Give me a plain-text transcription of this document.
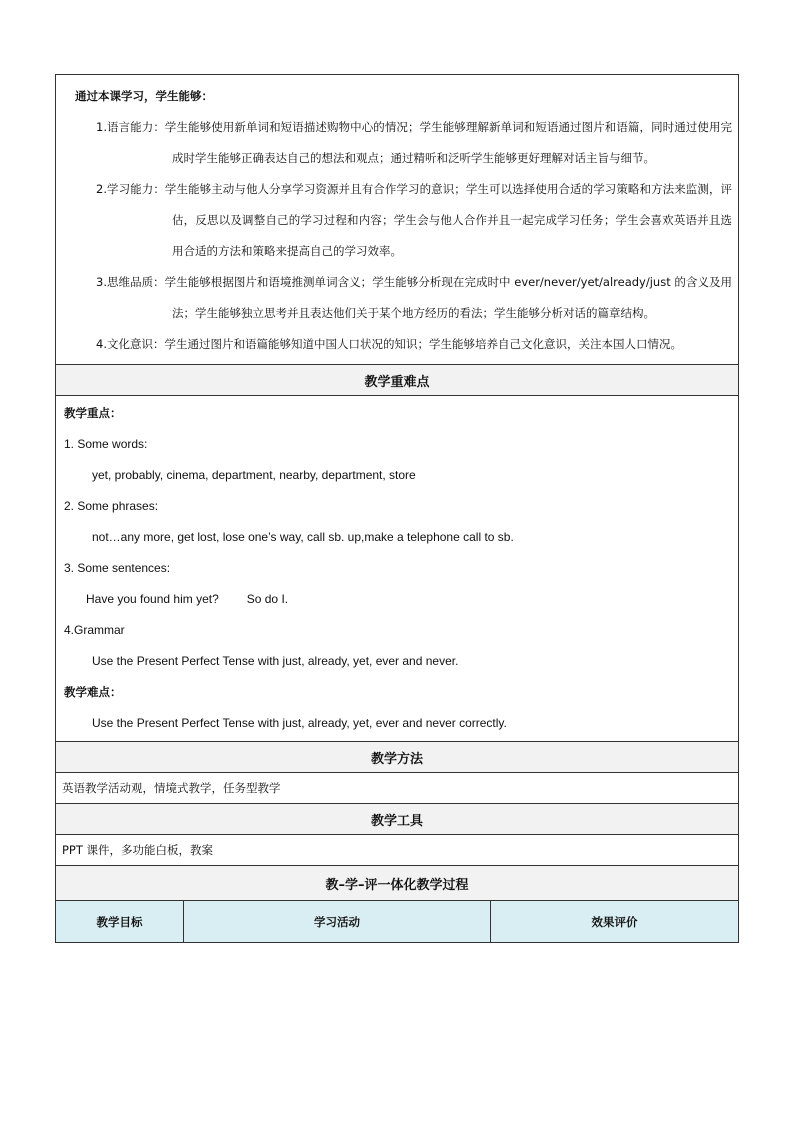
通过本课学习，学生能够：
1.语言能力：学生能够使用新单词和短语描述购物中心的情况；学生能够理解新单词和短语通过图片和语篇，同时通过使用完成时学生能够正确表达自己的想法和观点；通过精听和泛听学生能够更好理解对话主旨与细节。
2.学习能力：学生能够主动与他人分享学习资源并且有合作学习的意识；学生可以选择使用合适的学习策略和方法来监测，评估，反思以及调整自己的学习过程和内容；学生会与他人合作并且一起完成学习任务；学生会喜欢英语并且选用合适的方法和策略来提高自己的学习效率。
3.思维品质：学生能够根据图片和语境推测单词含义；学生能够分析现在完成时中 ever/never/yet/already/just 的含义及用法；学生能够独立思考并且表达他们关于某个地方经历的看法；学生能够分析对话的篇章结构。
4.文化意识：学生通过图片和语篇能够知道中国人口状况的知识；学生能够培养自己文化意识，关注本国人口情况。

教学重难点

教学重点：
1. Some words:
yet, probably, cinema, department, nearby, department, store
2. Some phrases:
not…any more, get lost, lose one’s way, call sb. up,make a telephone call to sb.
3. Some sentences:
Have you found him yet? So do I.
4.Grammar
Use the Present Perfect Tense with just, already, yet, ever and never.
教学难点：
Use the Present Perfect Tense with just, already, yet, ever and never correctly.

教学方法
英语教学活动观，情境式教学，任务型教学
教学工具
PPT 课件，多功能白板，教案
教–学–评一体化教学过程
教学目标	学习活动	效果评价
